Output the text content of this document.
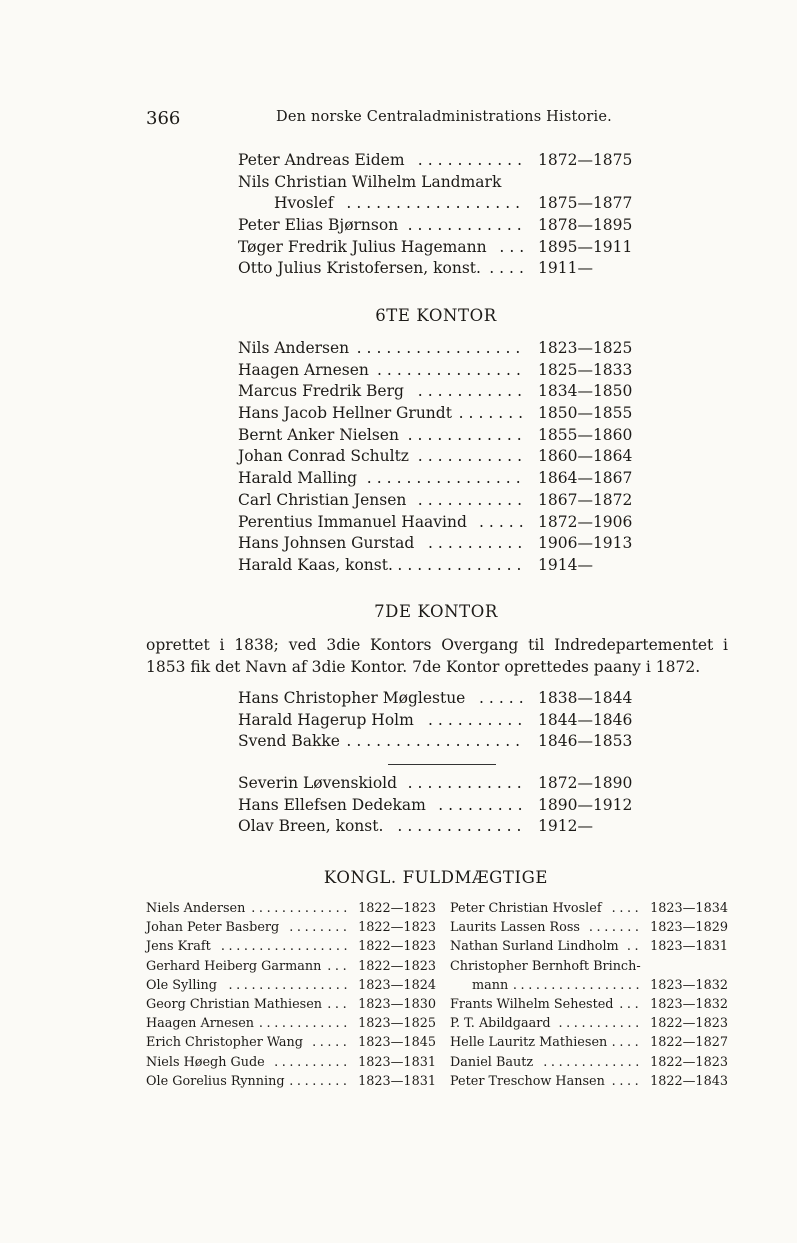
366	Den norske Centraladministrations Historie.
Peter Andreas Eidem ........... 1872—1875
Nils Christian Wilhelm Landmark
Hvoslef .................. 1875—1877
Peter Elias Bjørnson ............ 1878—1895
Tøger Fredrik Julius Hagemann ... 1895—1911
Otto Julius Kristofersen, konst. .... 1911—
6TE KONTOR
Nils Andersen ................. 1823—1825
Haagen Arnesen ............... 1825—1833
Marcus Fredrik Berg ........... 1834—1850
Hans Jacob Hellner Grundt ....... 1850—1855
Bernt Anker Nielsen ............ 1855—1860
Johan Conrad Schultz ........... 1860—1864
Harald Malling ................ 1864—1867
Carl Christian Jensen ........... 1867—1872
Perentius Immanuel Haavind ..... 1872—1906
Hans Johnsen Gurstad .......... 1906—1913
Harald Kaas, konst. ............. 1914—
7DE KONTOR

oprettet i 1838; ved 3die Kontors Overgang til Indredepartementet i 1853 fik det Navn af 3die Kontor. 7de Kontor oprettedes paany i 1872.

Hans Christopher Møglestue ..... 1838—1844
Harald Hagerup Holm .......... 1844—1846
Svend Bakke .................. 1846—1853
Severin Løvenskiold ............ 1872—1890
Hans Ellefsen Dedekam ......... 1890—1912
Olav Breen, konst. ............. 1912—
KONGL. FULDMÆGTIGE
Niels Andersen ............. 1822—1823
Johan Peter Basberg ........ 1822—1823
Jens Kraft ................. 1822—1823
Gerhard Heiberg Garmann ... 1822—1823
Ole Sylling ................ 1823—1824
Georg Christian Mathiesen ... 1823—1830
Haagen Arnesen ............ 1823—1825
Erich Christopher Wang ..... 1823—1845
Niels Høegh Gude .......... 1823—1831
Ole Gorelius Rynning ........ 1823—1831
Peter Christian Hvoslef .... 1823—1834
Laurits Lassen Ross ....... 1823—1829
Nathan Surland Lindholm .. 1823—1831
Christopher Bernhoft Brinch-
mann ................. 1823—1832
Frants Wilhelm Sehested ... 1823—1832
P. T. Abildgaard ........... 1822—1823
Helle Lauritz Mathiesen .... 1822—1827
Daniel Bautz ............. 1822—1823
Peter Treschow Hansen .... 1822—1843
